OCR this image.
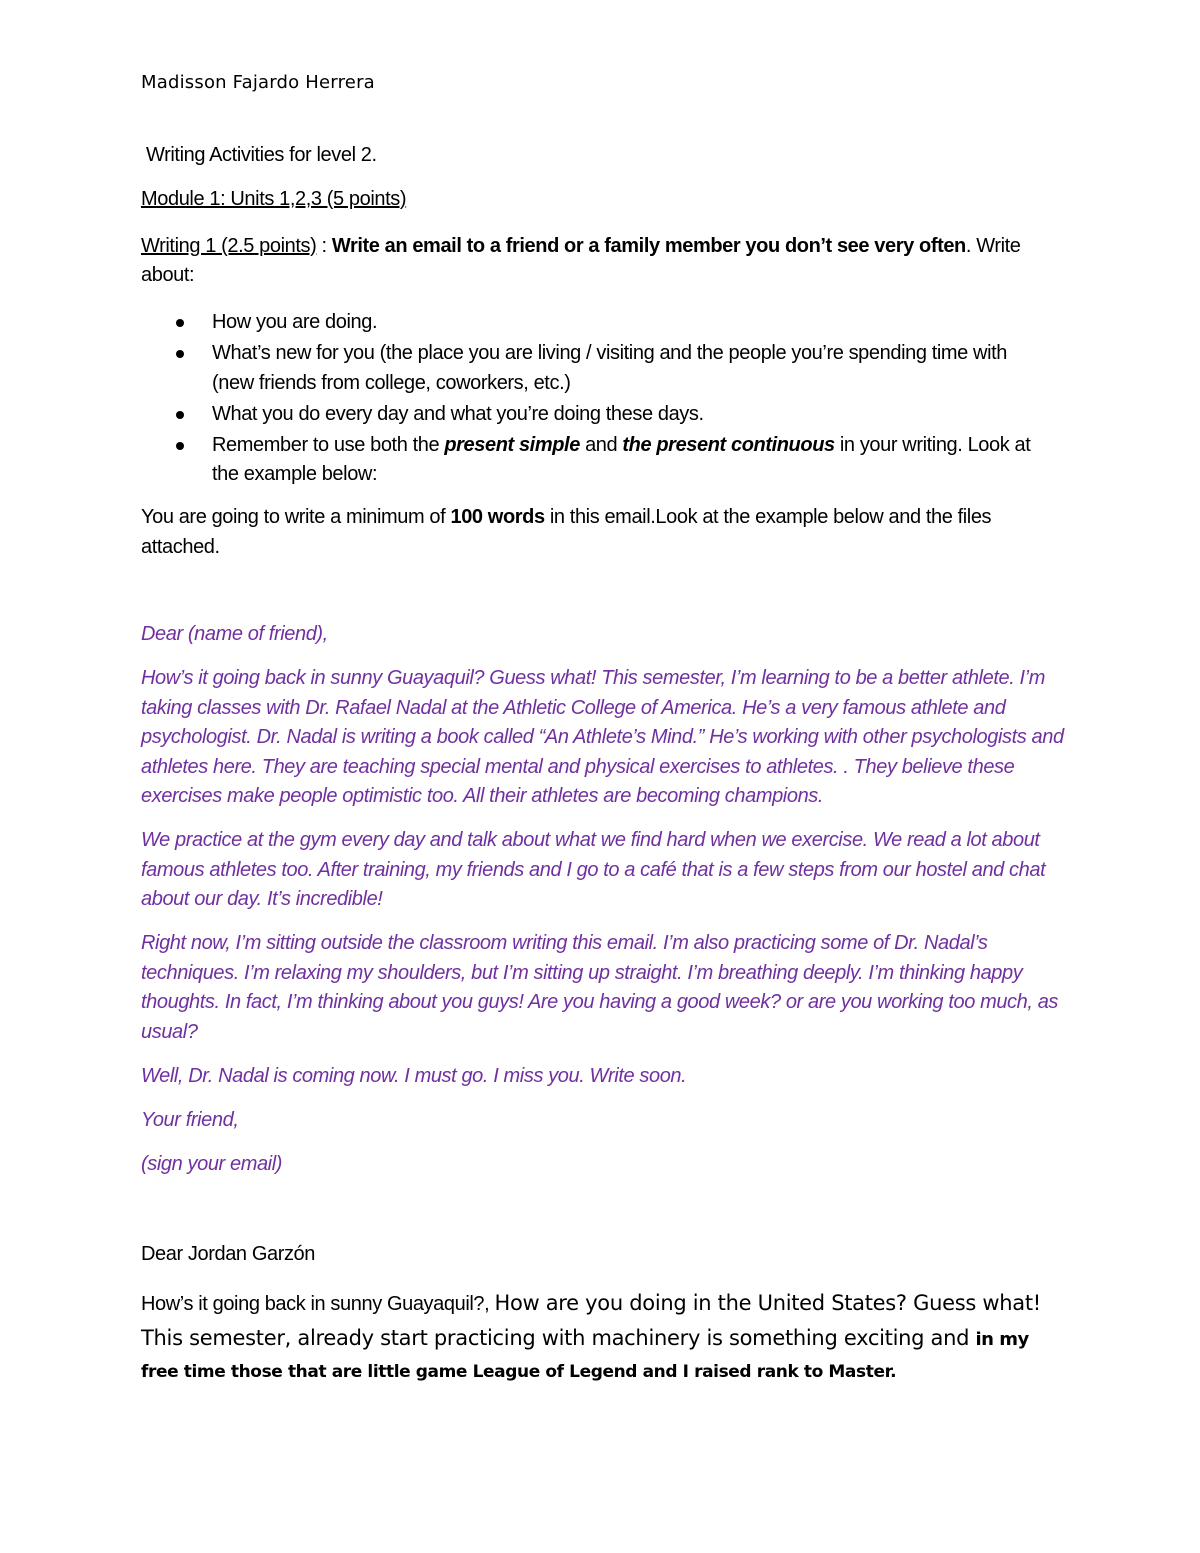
Madisson Fajardo Herrera
Writing Activities for level 2.
Module 1: Units 1,2,3 (5 points)
Writing 1 (2.5 points) : Write an email to a friend or a family member you don’t see very often. Write about:
How you are doing.
What’s new for you (the place you are living / visiting and the people you’re spending time with (new friends from college, coworkers, etc.)
What you do every day and what you’re doing these days.
Remember to use both the present simple and the present continuous in your writing. Look at the example below:
You are going to write a minimum of 100 words in this email.Look at the example below and the files attached.

Dear (name of friend),

How’s it going back in sunny Guayaquil? Guess what! This semester, I’m learning to be a better athlete. I’m taking classes with Dr. Rafael Nadal at the Athletic College of America. He’s a very famous athlete and psychologist. Dr. Nadal is writing a book called “An Athlete’s Mind.” He’s working with other psychologists and athletes here. They are teaching special mental and physical exercises to athletes. . They believe these exercises make people optimistic too. All their athletes are becoming champions.

We practice at the gym every day and talk about what we find hard when we exercise. We read a lot about famous athletes too. After training, my friends and I go to a café that is a few steps from our hostel and chat about our day. It’s incredible!

Right now, I’m sitting outside the classroom writing this email. I’m also practicing some of Dr. Nadal’s techniques. I’m relaxing my shoulders, but I’m sitting up straight. I’m breathing deeply. I’m thinking happy thoughts. In fact, I’m thinking about you guys! Are you having a good week? or are you working too much, as usual?

Well, Dr. Nadal is coming now. I must go. I miss you. Write soon.

Your friend,

(sign your email)

Dear Jordan Garzón
How’s it going back in sunny Guayaquil?, How are you doing in the United States? Guess what! This semester, already start practicing with machinery is something exciting and in my
free time those that are little game League of Legend and I raised rank to Master.
